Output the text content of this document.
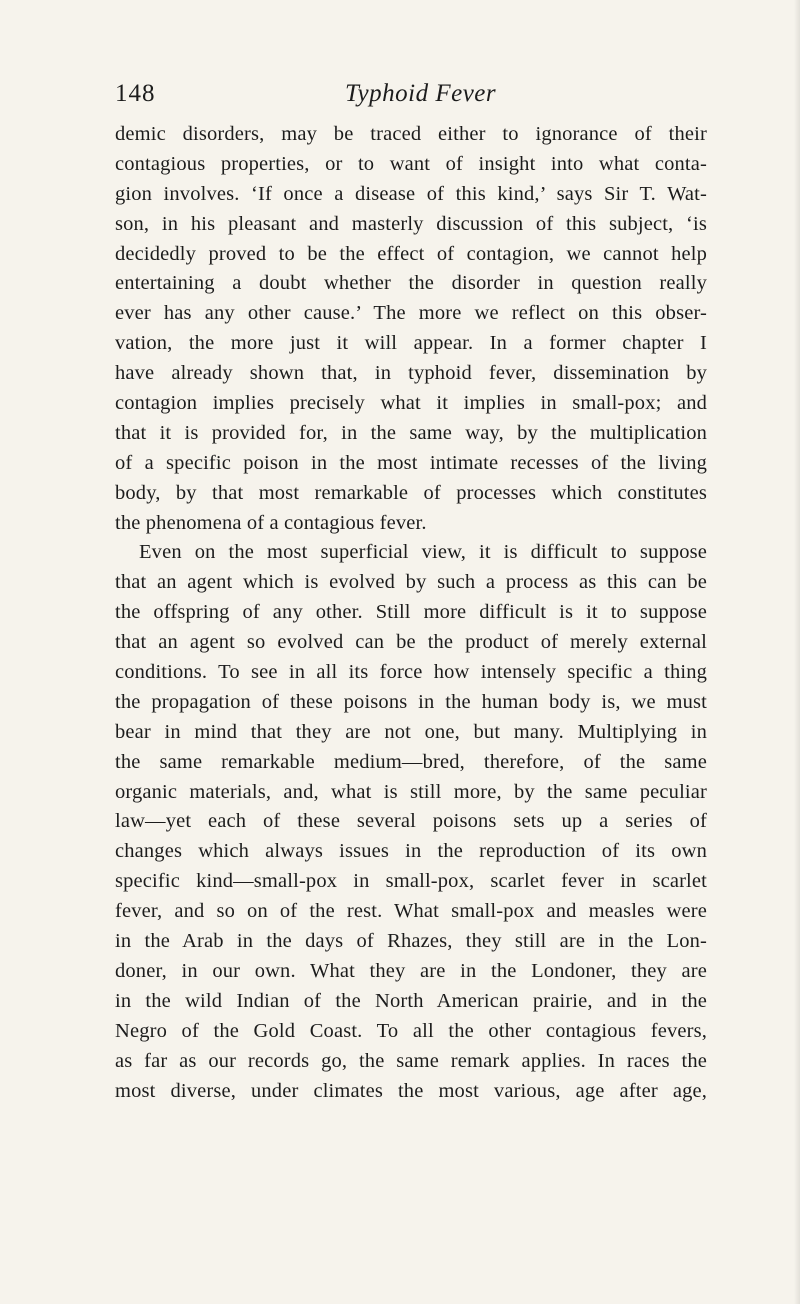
148	Typhoid Fever
demic disorders, may be traced either to ignorance of their
contagious properties, or to want of insight into what conta-
gion involves. ‘If once a disease of this kind,’ says Sir T. Wat-
son, in his pleasant and masterly discussion of this subject, ‘is
decidedly proved to be the effect of contagion, we cannot help
entertaining a doubt whether the disorder in question really
ever has any other cause.’ The more we reflect on this obser-
vation, the more just it will appear. In a former chapter I
have already shown that, in typhoid fever, dissemination by
contagion implies precisely what it implies in small-pox; and
that it is provided for, in the same way, by the multiplication
of a specific poison in the most intimate recesses of the living
body, by that most remarkable of processes which constitutes
the phenomena of a contagious fever.
Even on the most superficial view, it is difficult to suppose
that an agent which is evolved by such a process as this can be
the offspring of any other. Still more difficult is it to suppose
that an agent so evolved can be the product of merely external
conditions. To see in all its force how intensely specific a thing
the propagation of these poisons in the human body is, we must
bear in mind that they are not one, but many. Multiplying in
the same remarkable medium—bred, therefore, of the same
organic materials, and, what is still more, by the same peculiar
law—yet each of these several poisons sets up a series of
changes which always issues in the reproduction of its own
specific kind—small-pox in small-pox, scarlet fever in scarlet
fever, and so on of the rest. What small-pox and measles were
in the Arab in the days of Rhazes, they still are in the Lon-
doner, in our own. What they are in the Londoner, they are
in the wild Indian of the North American prairie, and in the
Negro of the Gold Coast. To all the other contagious fevers,
as far as our records go, the same remark applies. In races the
most diverse, under climates the most various, age after age,
